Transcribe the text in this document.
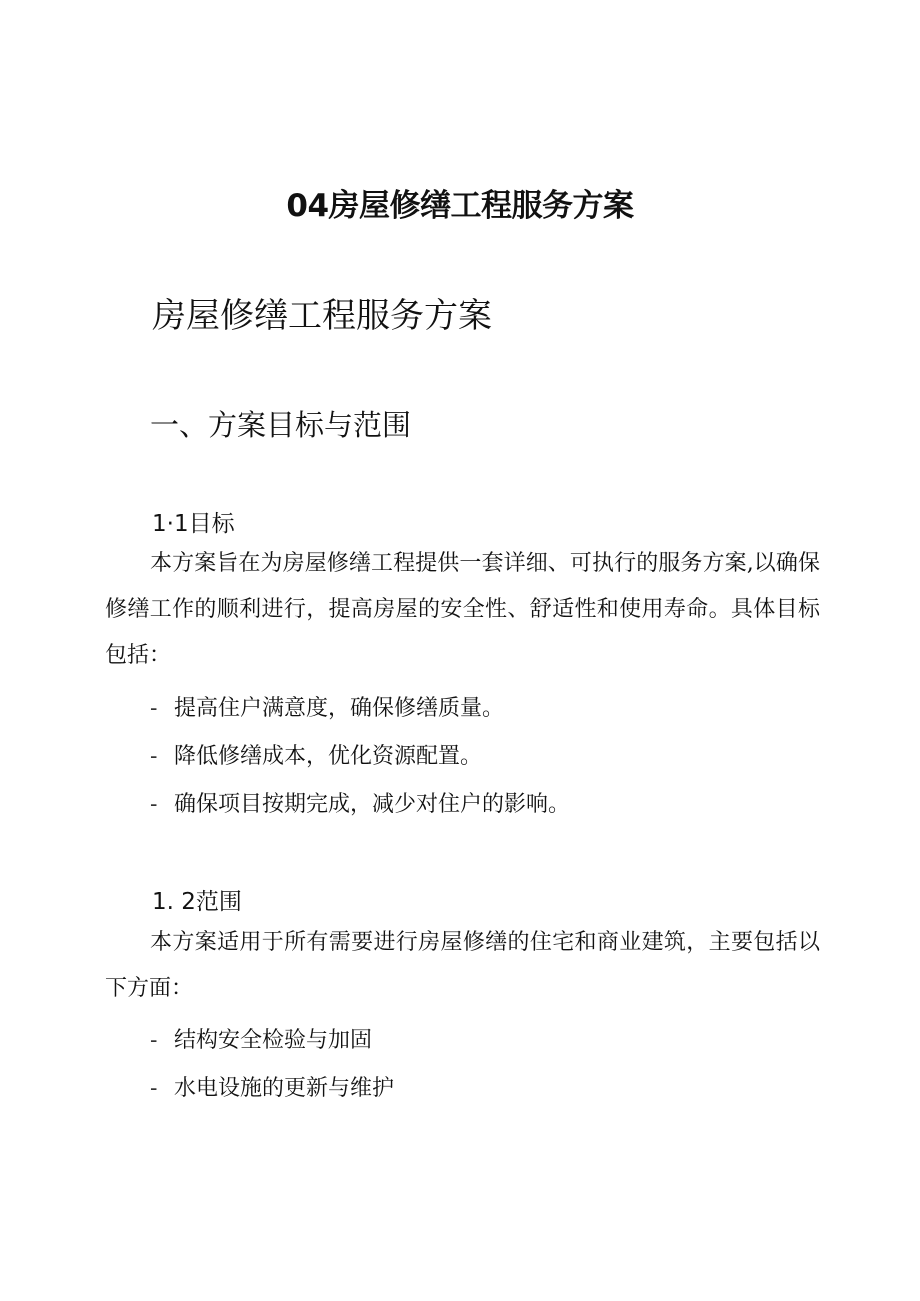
04房屋修缮工程服务方案
房屋修缮工程服务方案
一、方案目标与范围
1·1目标

本方案旨在为房屋修缮工程提供一套详细、可执行的服务方案,以确保修缮工作的顺利进行，提高房屋的安全性、舒适性和使用寿命。具体目标包括：

- 提高住户满意度，确保修缮质量。

- 降低修缮成本，优化资源配置。

- 确保项目按期完成，减少对住户的影响。

1. 2范围

本方案适用于所有需要进行房屋修缮的住宅和商业建筑，主要包括以下方面：

- 结构安全检验与加固

- 水电设施的更新与维护
